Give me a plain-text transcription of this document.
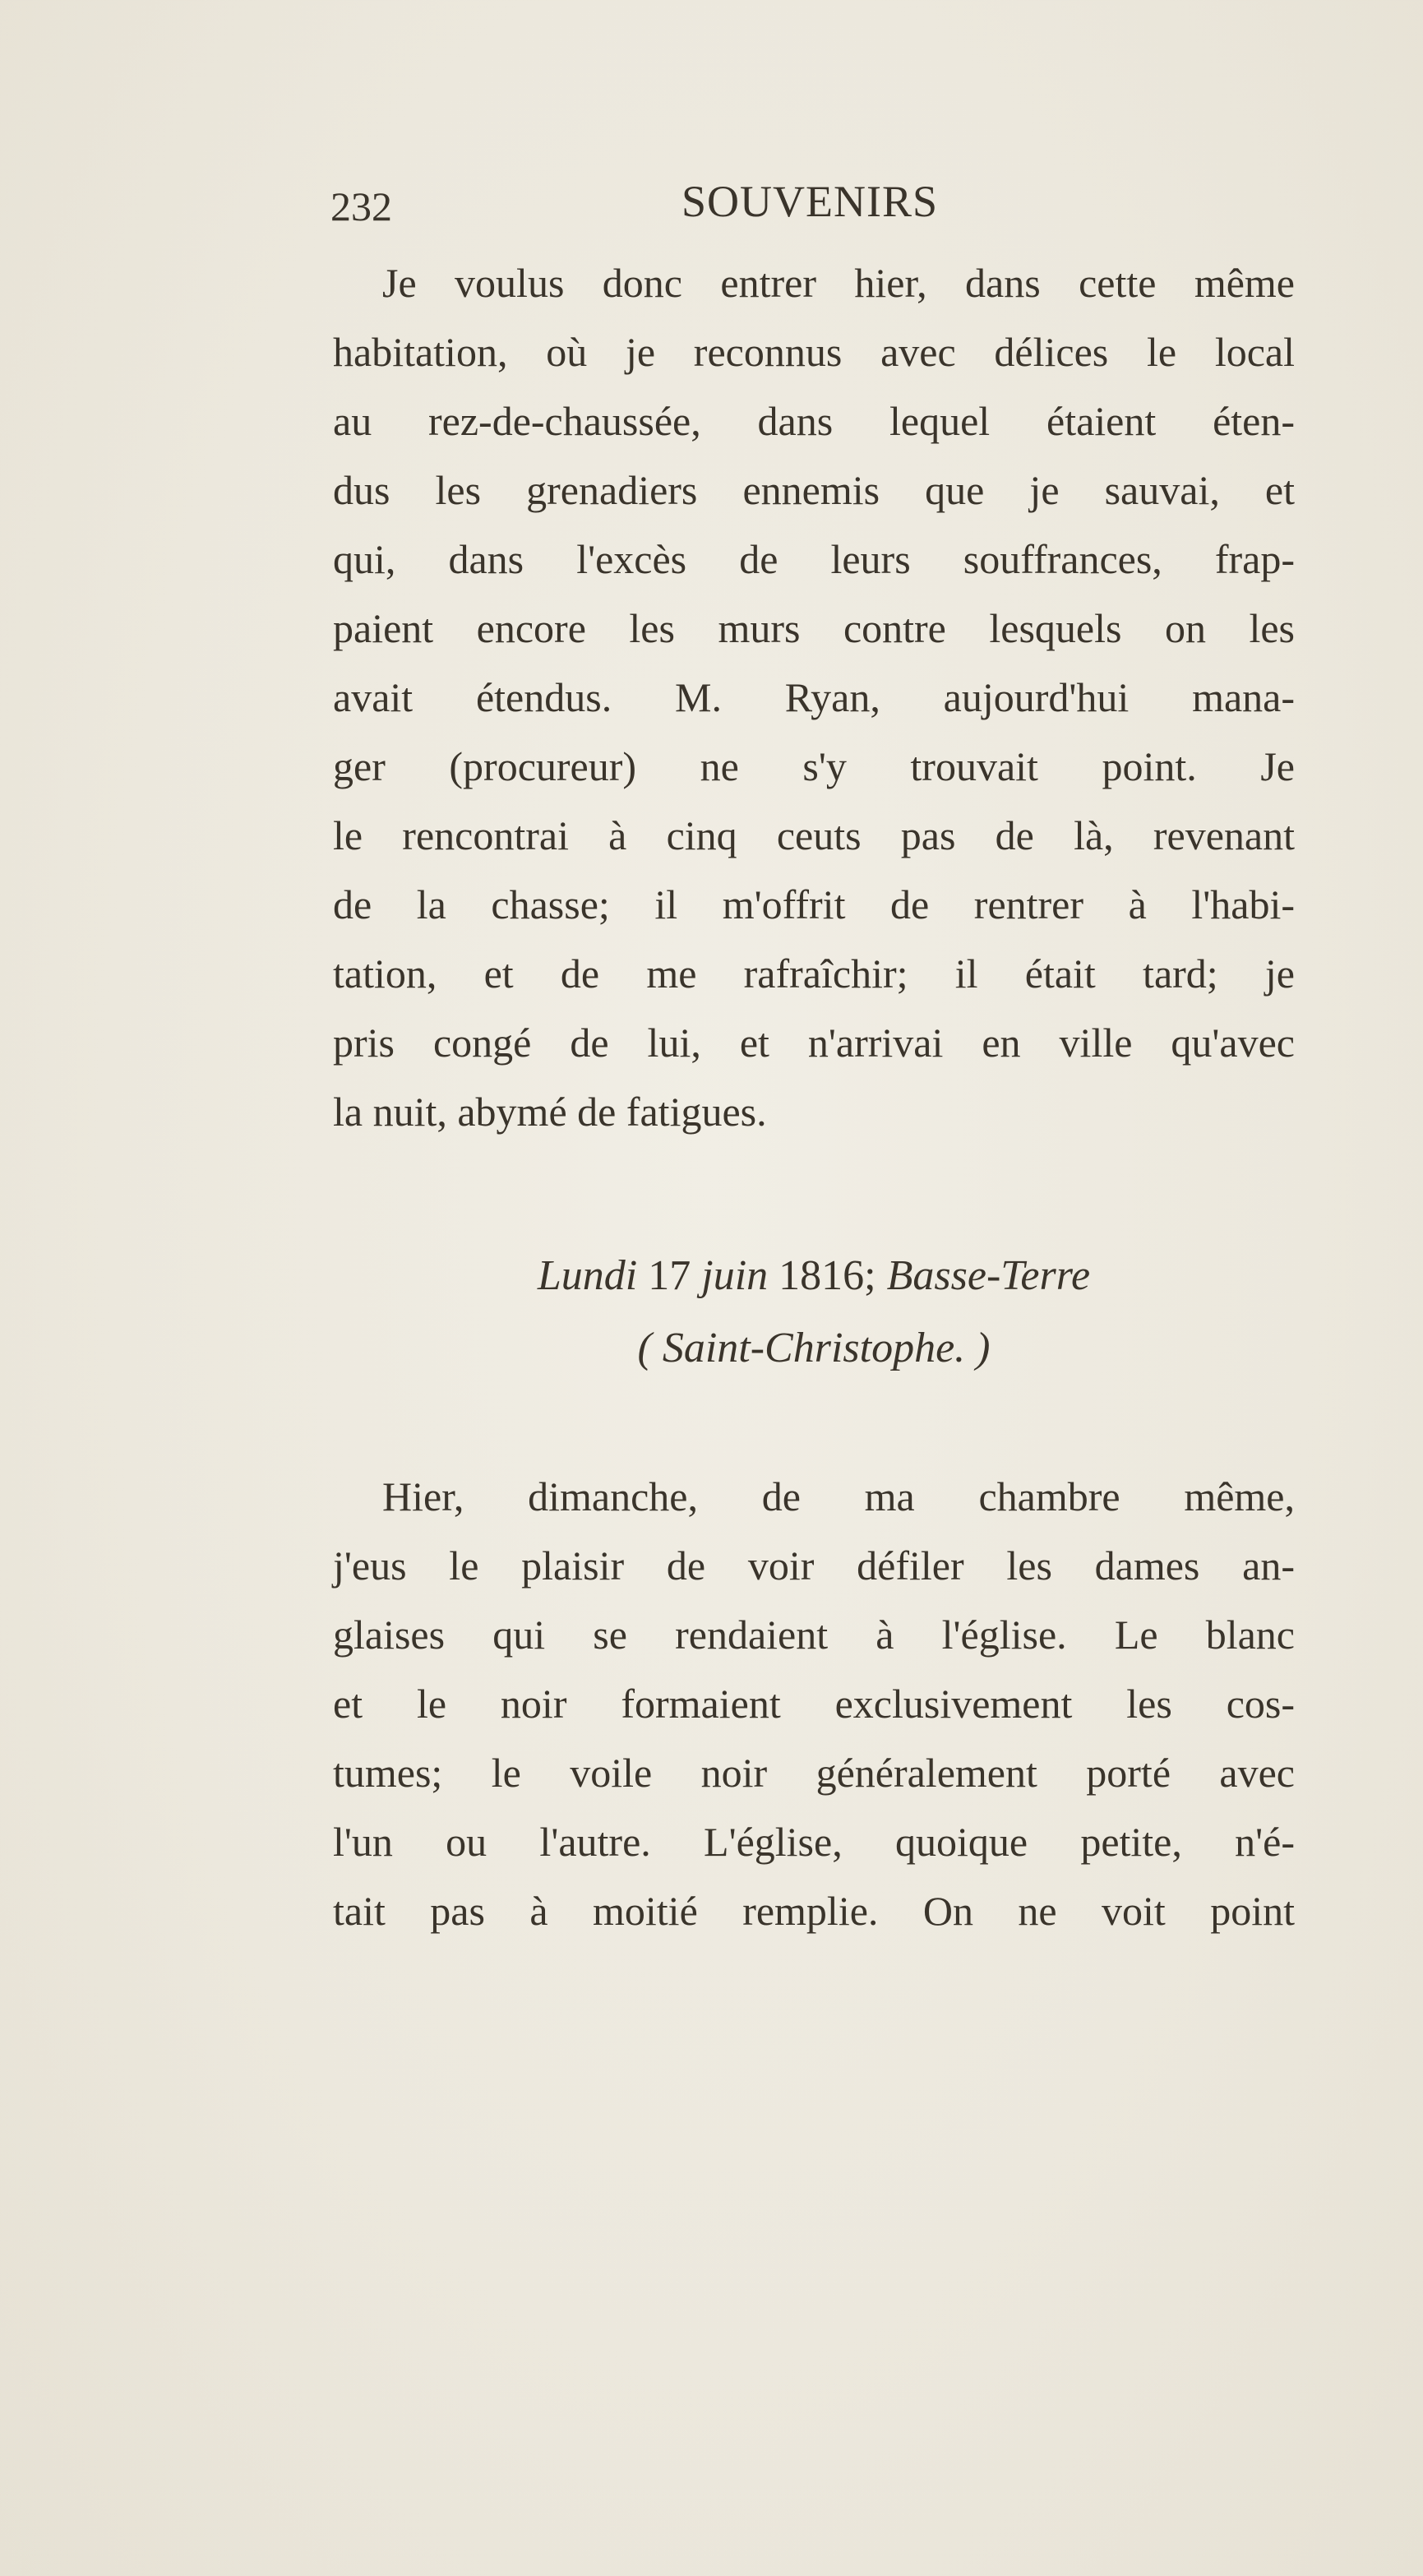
232	SOUVENIRS
Je voulus donc entrer hier, dans cette même
habitation, où je reconnus avec délices le local
au rez-de-chaussée, dans lequel étaient éten-
dus les grenadiers ennemis que je sauvai, et
qui, dans l'excès de leurs souffrances, frap-
paient encore les murs contre lesquels on les
avait étendus. M. Ryan, aujourd'hui mana-
ger (procureur) ne s'y trouvait point. Je
le rencontrai à cinq ceuts pas de là, revenant
de la chasse; il m'offrit de rentrer à l'habi-
tation, et de me rafraîchir; il était tard; je
pris congé de lui, et n'arrivai en ville qu'avec
la nuit, abymé de fatigues.
Lundi 17 juin 1816; Basse-Terre
( Saint-Christophe. )
Hier, dimanche, de ma chambre même,
j'eus le plaisir de voir défiler les dames an-
glaises qui se rendaient à l'église. Le blanc
et le noir formaient exclusivement les cos-
tumes; le voile noir généralement porté avec
l'un ou l'autre. L'église, quoique petite, n'é-
tait pas à moitié remplie. On ne voit point
